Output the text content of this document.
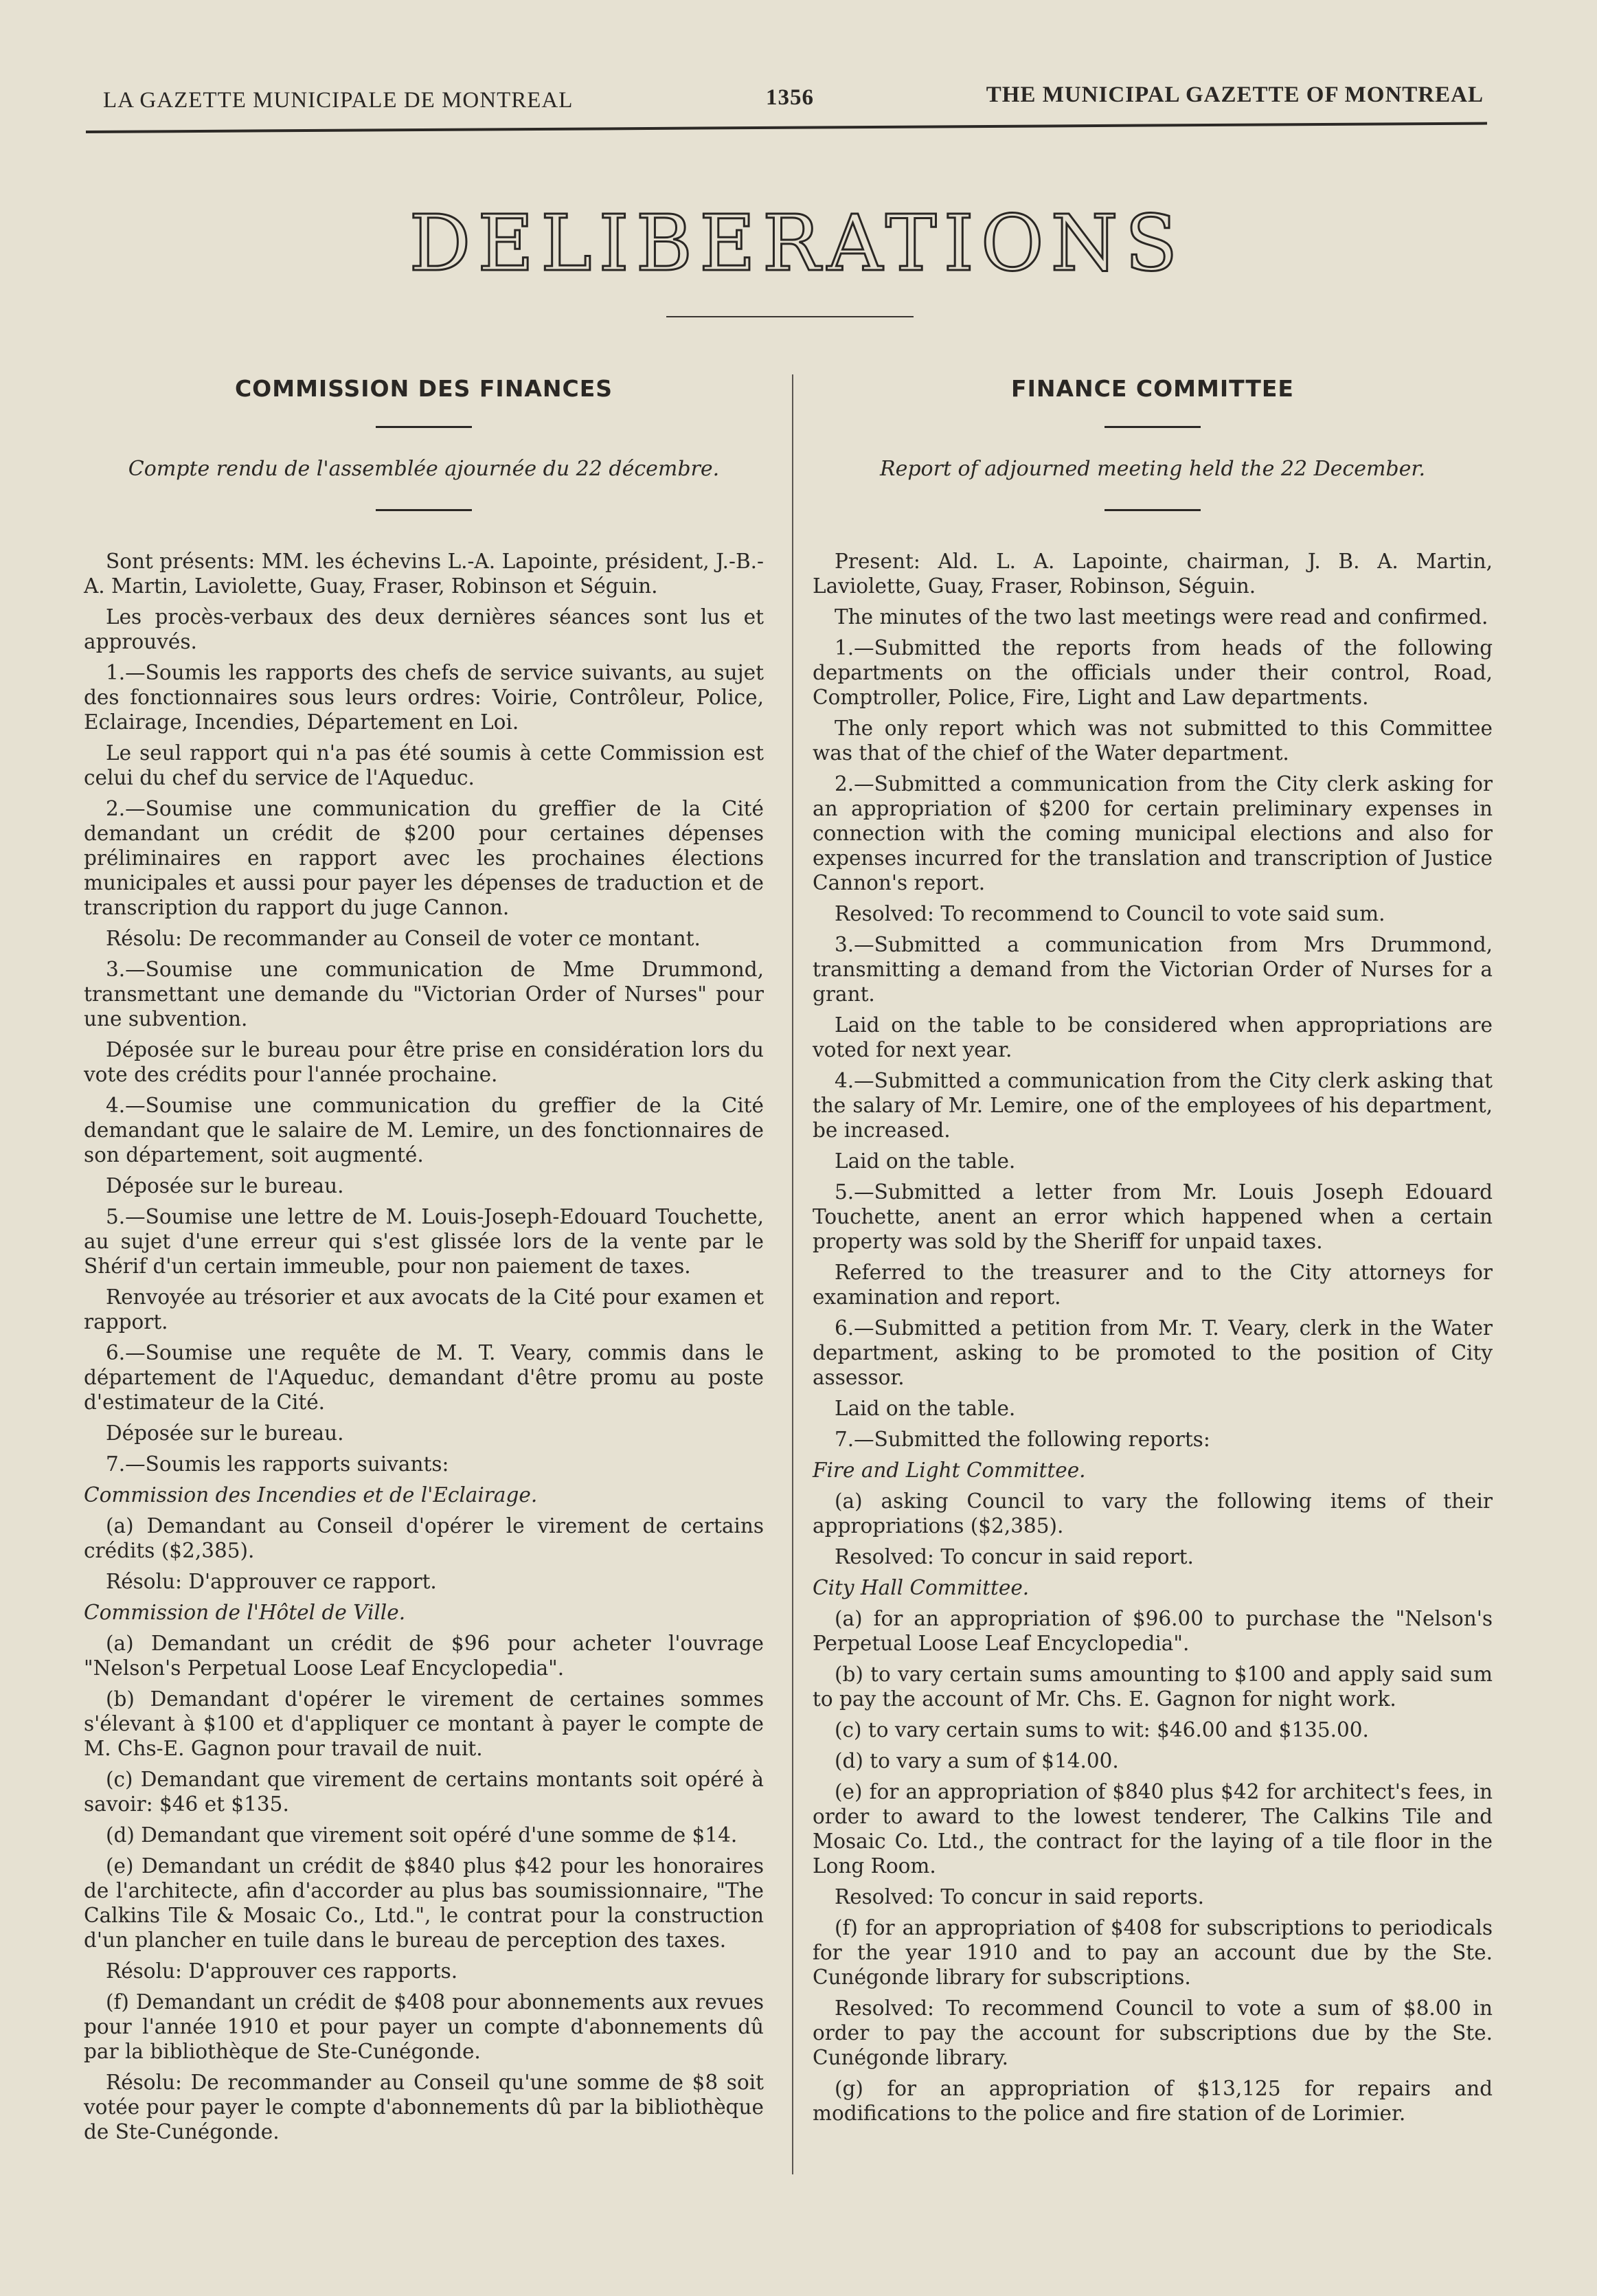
LA GAZETTE MUNICIPALE DE MONTREAL	1356	THE MUNICIPAL GAZETTE OF MONTREAL
DELIBERATIONS
COMMISSION DES FINANCES
Compte rendu de l'assemblée ajournée du 22 décembre.

Sont présents: MM. les échevins L.-A. Lapointe, président, J.-B.-A. Martin, Laviolette, Guay, Fraser, Robinson et Séguin.

Les procès-verbaux des deux dernières séances sont lus et approuvés.

1.—Soumis les rapports des chefs de service suivants, au sujet des fonctionnaires sous leurs ordres: Voirie, Contrôleur, Police, Eclairage, Incendies, Département en Loi.

Le seul rapport qui n'a pas été soumis à cette Commission est celui du chef du service de l'Aqueduc.

2.—Soumise une communication du greffier de la Cité demandant un crédit de $200 pour certaines dépenses préliminaires en rapport avec les prochaines élections municipales et aussi pour payer les dépenses de traduction et de transcription du rapport du juge Cannon.

Résolu: De recommander au Conseil de voter ce montant.

3.—Soumise une communication de Mme Drummond, transmettant une demande du "Victorian Order of Nurses" pour une subvention.

Déposée sur le bureau pour être prise en considération lors du vote des crédits pour l'année prochaine.

4.—Soumise une communication du greffier de la Cité demandant que le salaire de M. Lemire, un des fonctionnaires de son département, soit augmenté.

Déposée sur le bureau.

5.—Soumise une lettre de M. Louis-Joseph-Edouard Touchette, au sujet d'une erreur qui s'est glissée lors de la vente par le Shérif d'un certain immeuble, pour non paiement de taxes.

Renvoyée au trésorier et aux avocats de la Cité pour examen et rapport.

6.—Soumise une requête de M. T. Veary, commis dans le département de l'Aqueduc, demandant d'être promu au poste d'estimateur de la Cité.

Déposée sur le bureau.

7.—Soumis les rapports suivants:

Commission des Incendies et de l'Eclairage.

(a) Demandant au Conseil d'opérer le virement de certains crédits ($2,385).

Résolu: D'approuver ce rapport.

Commission de l'Hôtel de Ville.

(a) Demandant un crédit de $96 pour acheter l'ouvrage "Nelson's Perpetual Loose Leaf Encyclopedia".

(b) Demandant d'opérer le virement de certaines sommes s'élevant à $100 et d'appliquer ce montant à payer le compte de M. Chs-E. Gagnon pour travail de nuit.

(c) Demandant que virement de certains montants soit opéré à savoir: $46 et $135.

(d) Demandant que virement soit opéré d'une somme de $14.

(e) Demandant un crédit de $840 plus $42 pour les honoraires de l'architecte, afin d'accorder au plus bas soumissionnaire, "The Calkins Tile & Mosaic Co., Ltd.", le contrat pour la construction d'un plancher en tuile dans le bureau de perception des taxes.

Résolu: D'approuver ces rapports.

(f) Demandant un crédit de $408 pour abonnements aux revues pour l'année 1910 et pour payer un compte d'abonnements dû par la bibliothèque de Ste-Cunégonde.

Résolu: De recommander au Conseil qu'une somme de $8 soit votée pour payer le compte d'abonnements dû par la bibliothèque de Ste-Cunégonde.

FINANCE COMMITTEE
Report of adjourned meeting held the 22 December.

Present: Ald. L. A. Lapointe, chairman, J. B. A. Martin, Laviolette, Guay, Fraser, Robinson, Séguin.

The minutes of the two last meetings were read and confirmed.

1.—Submitted the reports from heads of the following departments on the officials under their control, Road, Comptroller, Police, Fire, Light and Law departments.

The only report which was not submitted to this Committee was that of the chief of the Water department.

2.—Submitted a communication from the City clerk asking for an appropriation of $200 for certain preliminary expenses in connection with the coming municipal elections and also for expenses incurred for the translation and transcription of Justice Cannon's report.

Resolved: To recommend to Council to vote said sum.

3.—Submitted a communication from Mrs Drummond, transmitting a demand from the Victorian Order of Nurses for a grant.

Laid on the table to be considered when appropriations are voted for next year.

4.—Submitted a communication from the City clerk asking that the salary of Mr. Lemire, one of the employees of his department, be increased.

Laid on the table.

5.—Submitted a letter from Mr. Louis Joseph Edouard Touchette, anent an error which happened when a certain property was sold by the Sheriff for unpaid taxes.

Referred to the treasurer and to the City attorneys for examination and report.

6.—Submitted a petition from Mr. T. Veary, clerk in the Water department, asking to be promoted to the position of City assessor.

Laid on the table.

7.—Submitted the following reports:

Fire and Light Committee.

(a) asking Council to vary the following items of their appropriations ($2,385).

Resolved: To concur in said report.

City Hall Committee.

(a) for an appropriation of $96.00 to purchase the "Nelson's Perpetual Loose Leaf Encyclopedia".

(b) to vary certain sums amounting to $100 and apply said sum to pay the account of Mr. Chs. E. Gagnon for night work.

(c) to vary certain sums to wit: $46.00 and $135.00.

(d) to vary a sum of $14.00.

(e) for an appropriation of $840 plus $42 for architect's fees, in order to award to the lowest tenderer, The Calkins Tile and Mosaic Co. Ltd., the contract for the laying of a tile floor in the Long Room.

Resolved: To concur in said reports.

(f) for an appropriation of $408 for subscriptions to periodicals for the year 1910 and to pay an account due by the Ste. Cunégonde library for subscriptions.

Resolved: To recommend Council to vote a sum of $8.00 in order to pay the account for subscriptions due by the Ste. Cunégonde library.

(g) for an appropriation of $13,125 for repairs and modifications to the police and fire station of de Lorimier.
